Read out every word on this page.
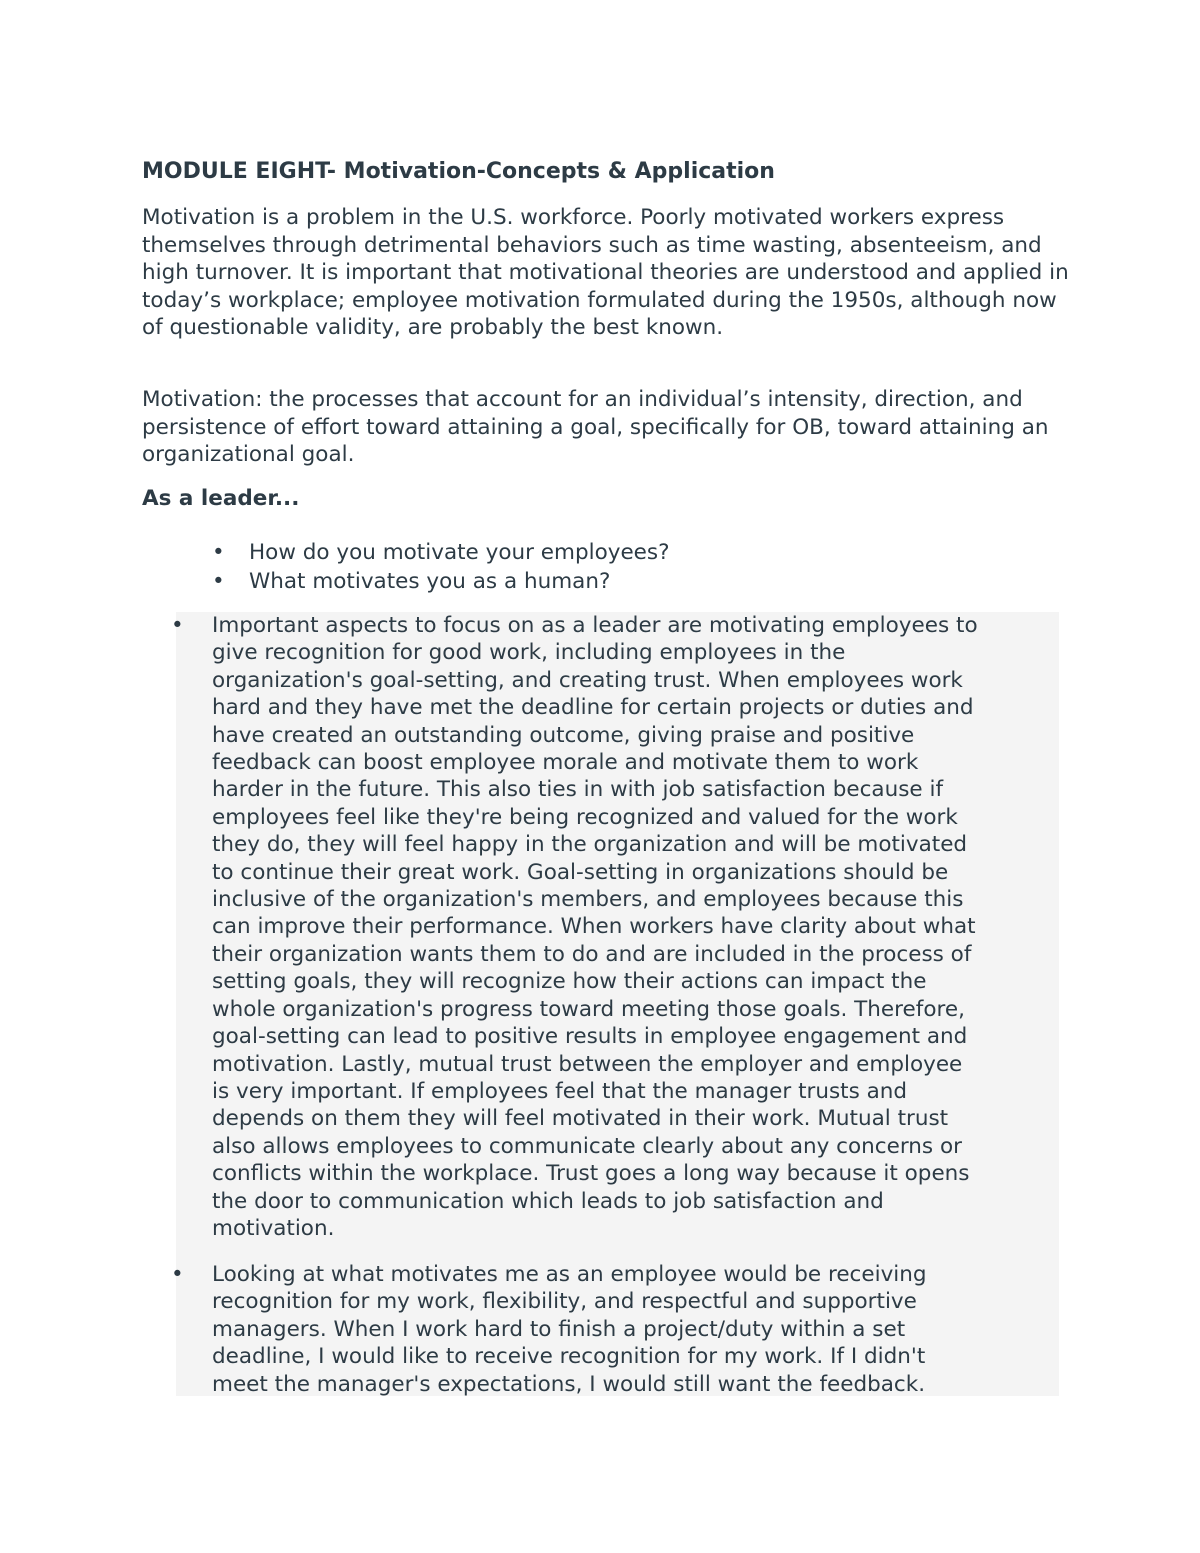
MODULE EIGHT- Motivation-Concepts & Application

Motivation is a problem in the U.S. workforce. Poorly motivated workers express themselves through detrimental behaviors such as time wasting, absenteeism, and high turnover. It is important that motivational theories are understood and applied in today’s workplace; employee motivation formulated during the 1950s, although now of questionable validity, are probably the best known.

Motivation: the processes that account for an individual’s intensity, direction, and persistence of effort toward attaining a goal, specifically for OB, toward attaining an organizational goal.

As a leader...
• How do you motivate your employees?
• What motivates you as a human?
• Important aspects to focus on as a leader are motivating employees to
give recognition for good work, including employees in the
organization's goal-setting, and creating trust. When employees work
hard and they have met the deadline for certain projects or duties and
have created an outstanding outcome, giving praise and positive
feedback can boost employee morale and motivate them to work
harder in the future. This also ties in with job satisfaction because if
employees feel like they're being recognized and valued for the work
they do, they will feel happy in the organization and will be motivated
to continue their great work. Goal-setting in organizations should be
inclusive of the organization's members, and employees because this
can improve their performance. When workers have clarity about what
their organization wants them to do and are included in the process of
setting goals, they will recognize how their actions can impact the
whole organization's progress toward meeting those goals. Therefore,
goal-setting can lead to positive results in employee engagement and
motivation. Lastly, mutual trust between the employer and employee
is very important. If employees feel that the manager trusts and
depends on them they will feel motivated in their work. Mutual trust
also allows employees to communicate clearly about any concerns or
conflicts within the workplace. Trust goes a long way because it opens
the door to communication which leads to job satisfaction and
motivation.
• Looking at what motivates me as an employee would be receiving
recognition for my work, flexibility, and respectful and supportive
managers. When I work hard to finish a project/duty within a set
deadline, I would like to receive recognition for my work. If I didn't
meet the manager's expectations, I would still want the feedback.
